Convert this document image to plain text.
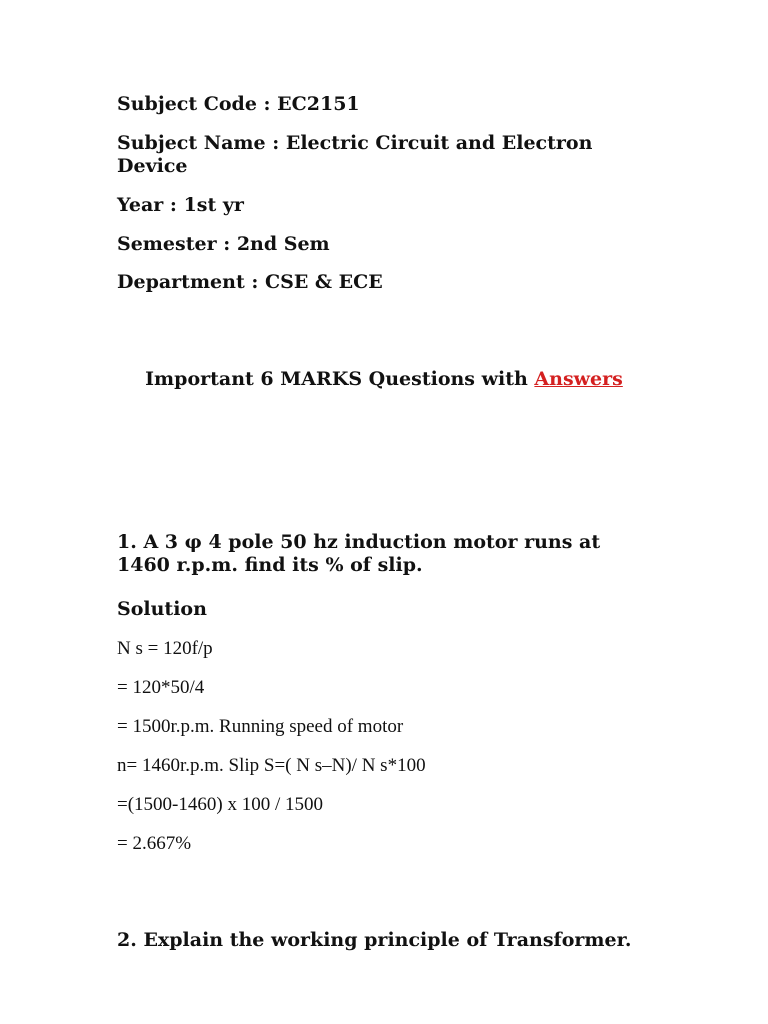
Subject Code : EC2151

Subject Name : Electric Circuit and Electron Device

Year : 1st yr

Semester : 2nd Sem

Department : CSE & ECE

Important 6 MARKS Questions with Answers

1. A 3 φ 4 pole 50 hz induction motor runs at 1460 r.p.m. find its % of slip.

Solution

N s = 120f/p

= 120*50/4

= 1500r.p.m. Running speed of motor

n= 1460r.p.m. Slip S=( N s–N)/ N s*100

=(1500-1460) x 100 / 1500

= 2.667%

2. Explain the working principle of Transformer.
